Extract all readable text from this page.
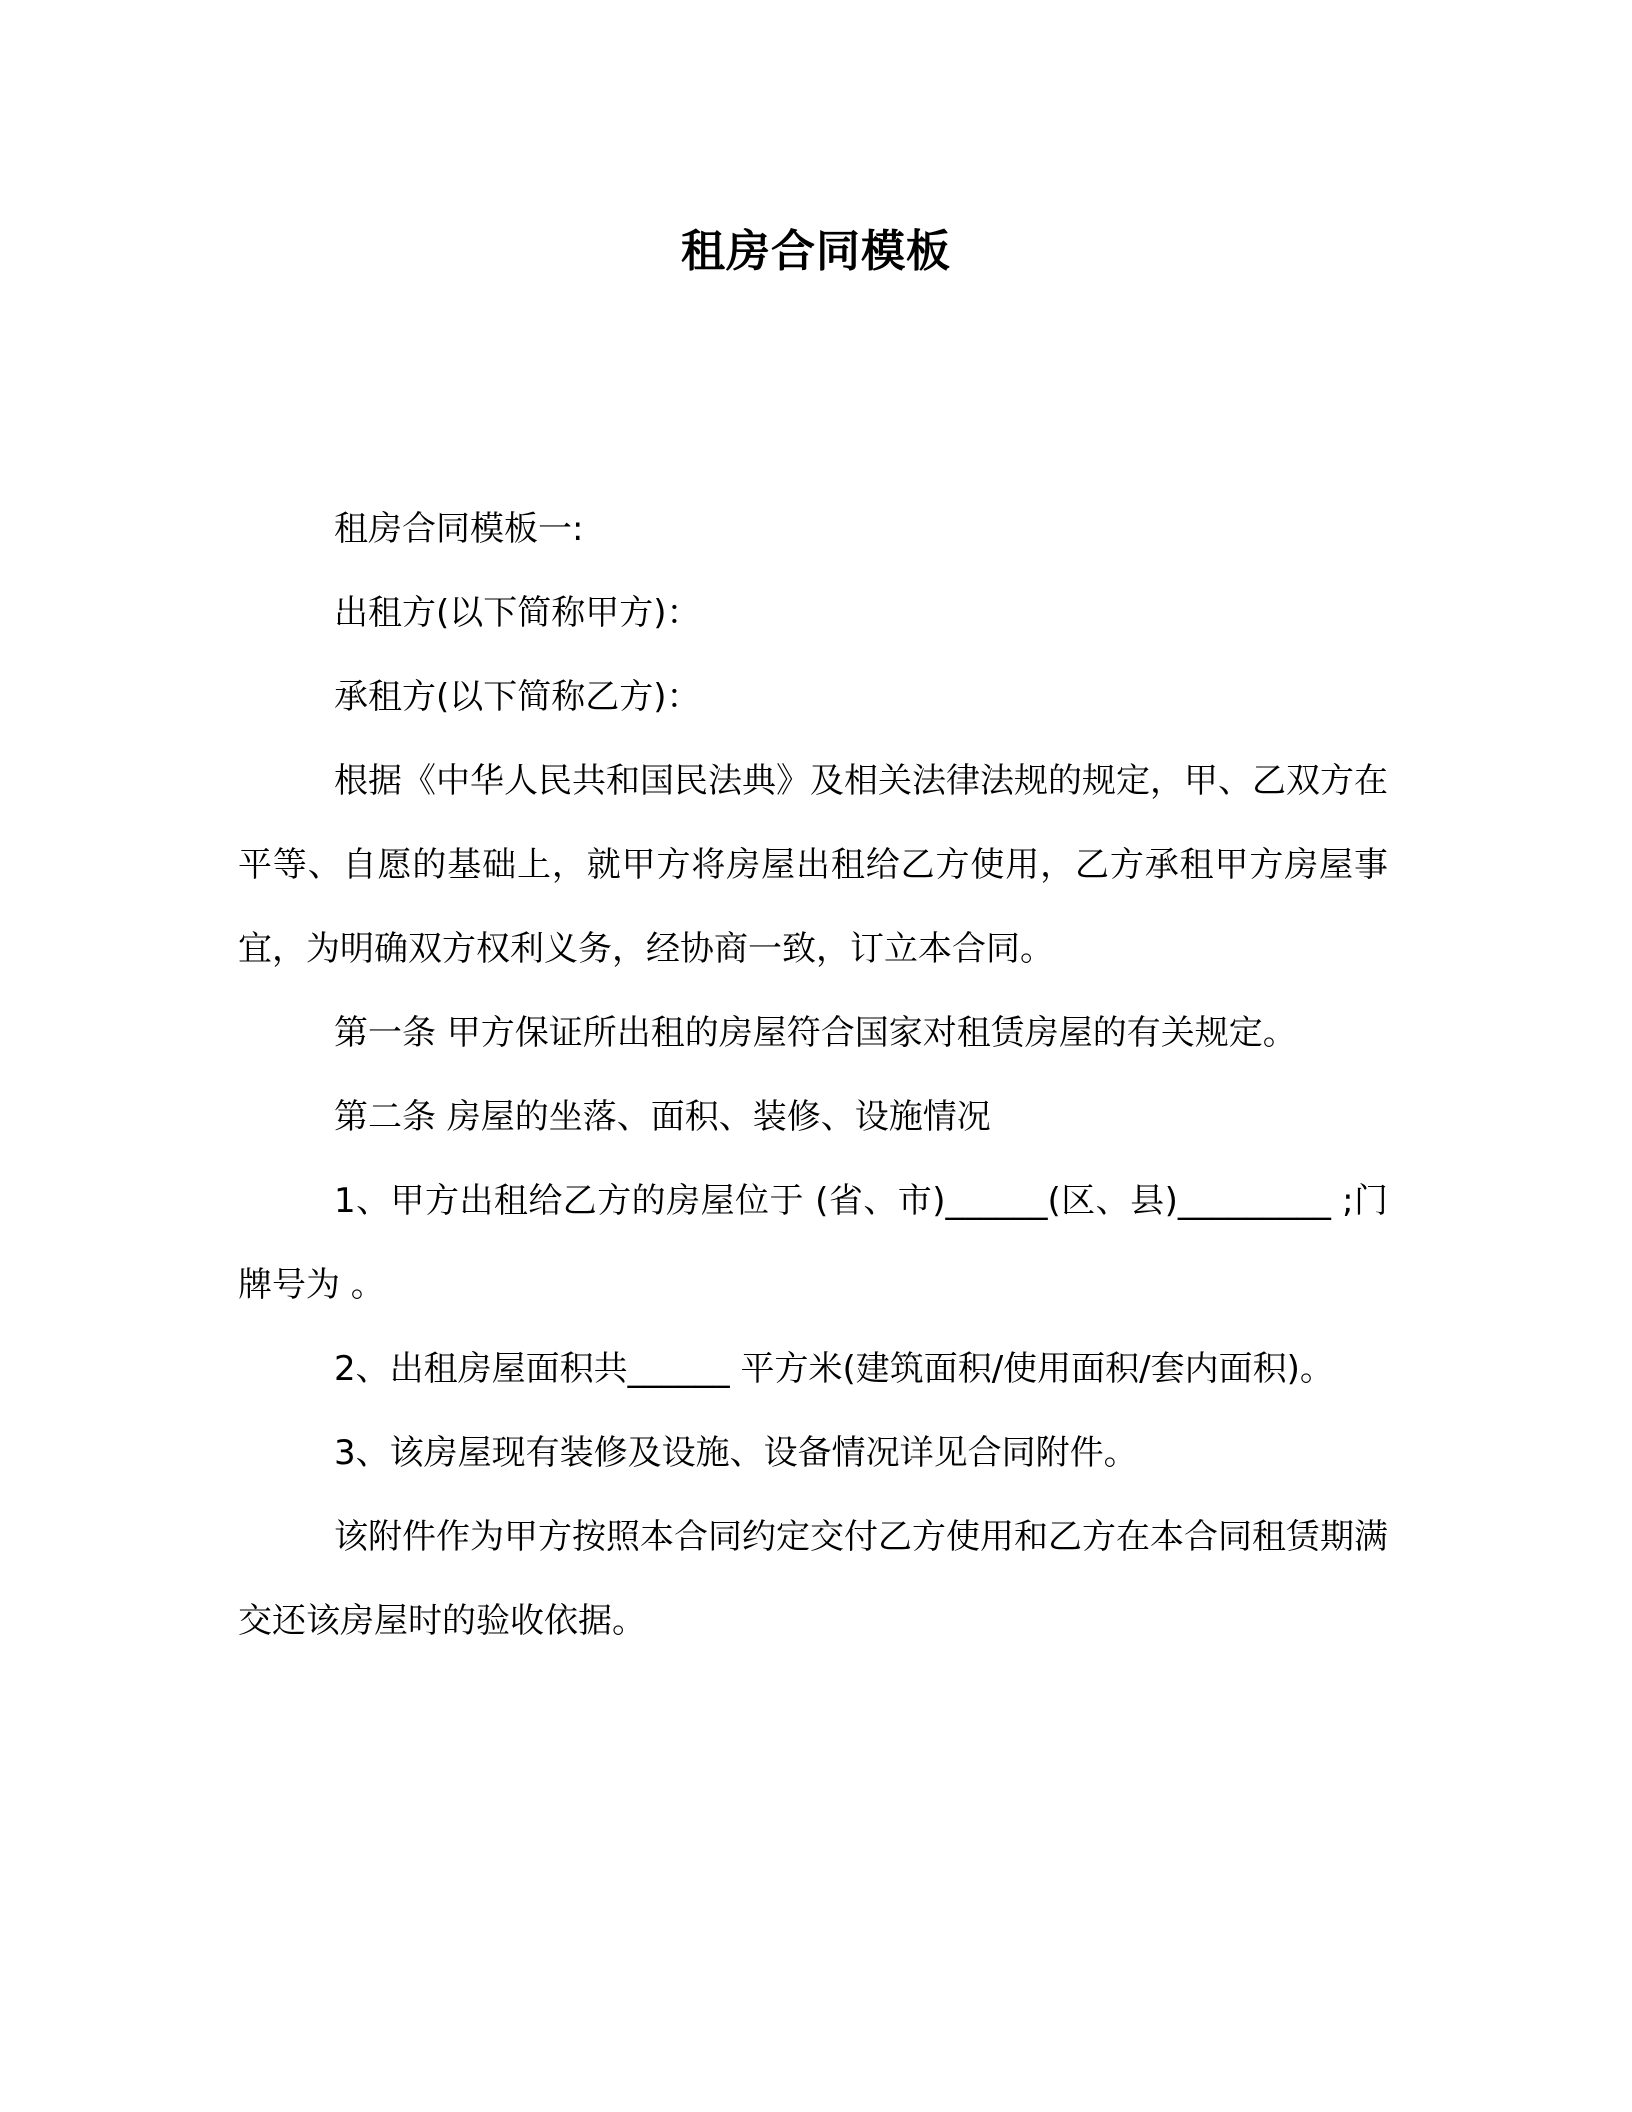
租房合同模板

租房合同模板一:

出租方(以下简称甲方)：

承租方(以下简称乙方)：

根据《中华人民共和国民法典》及相关法律法规的规定，甲、乙双方在平等、自愿的基础上，就甲方将房屋出租给乙方使用，乙方承租甲方房屋事宜，为明确双方权利义务，经协商一致，订立本合同。

第一条 甲方保证所出租的房屋符合国家对租赁房屋的有关规定。

第二条 房屋的坐落、面积、装修、设施情况

1、甲方出租给乙方的房屋位于 (省、市)______(区、县)_________ ;门牌号为 。

2、出租房屋面积共______ 平方米(建筑面积/使用面积/套内面积)。

3、该房屋现有装修及设施、设备情况详见合同附件。

该附件作为甲方按照本合同约定交付乙方使用和乙方在本合同租赁期满交还该房屋时的验收依据。
